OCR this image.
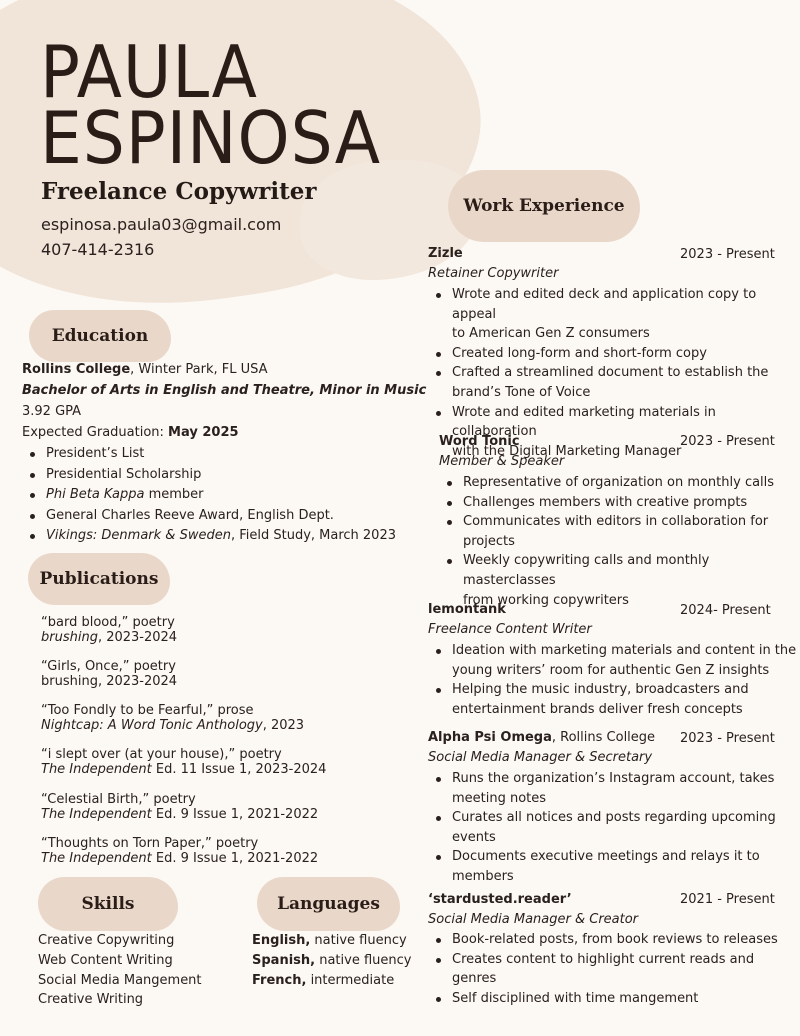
PAULA
ESPINOSA
Freelance Copywriter
espinosa.paula03@gmail.com
407-414-2316
Education
Publications
Skills	Languages
Work Experience
Rollins College, Winter Park, FL USA
Bachelor of Arts in English and Theatre, Minor in Music
3.92 GPA
Expected Graduation: May 2025
President’s List
Presidential Scholarship
Phi Beta Kappa member
General Charles Reeve Award, English Dept.
Vikings: Denmark & Sweden, Field Study, March 2023
“bard blood,” poetry
brushing, 2023-2024
“Girls, Once,” poetry
brushing, 2023-2024
“Too Fondly to be Fearful,” prose
Nightcap: A Word Tonic Anthology, 2023
“i slept over (at your house),” poetry
The Independent Ed. 11 Issue 1, 2023-2024
“Celestial Birth,” poetry
The Independent Ed. 9 Issue 1, 2021-2022
“Thoughts on Torn Paper,” poetry
The Independent Ed. 9 Issue 1, 2021-2022
Creative Copywriting
Web Content Writing
Social Media Mangement
Creative Writing
English, native fluency
Spanish, native fluency
French, intermediate
Zizle	2023 - Present
Retainer Copywriter
Wrote and edited deck and application copy to appeal
to American Gen Z consumers
Created long-form and short-form copy
Crafted a streamlined document to establish the
brand’s Tone of Voice
Wrote and edited marketing materials in collaboration
with the Digital Marketing Manager
Word Tonic	2023 - Present
Member & Speaker
Representative of organization on monthly calls
Challenges members with creative prompts
Communicates with editors in collaboration for
projects
Weekly copywriting calls and monthly masterclasses
from working copywriters
lemontank	2024- Present
Freelance Content Writer
Ideation with marketing materials and content in the
young writers’ room for authentic Gen Z insights
Helping the music industry, broadcasters and
entertainment brands deliver fresh concepts
Alpha Psi Omega, Rollins College 2023 - Present
Social Media Manager & Secretary
Runs the organization’s Instagram account, takes
meeting notes
Curates all notices and posts regarding upcoming
events
Documents executive meetings and relays it to
members
‘stardusted.reader’	2021 - Present
Social Media Manager & Creator
Book-related posts, from book reviews to releases
Creates content to highlight current reads and
genres
Self disciplined with time mangement
